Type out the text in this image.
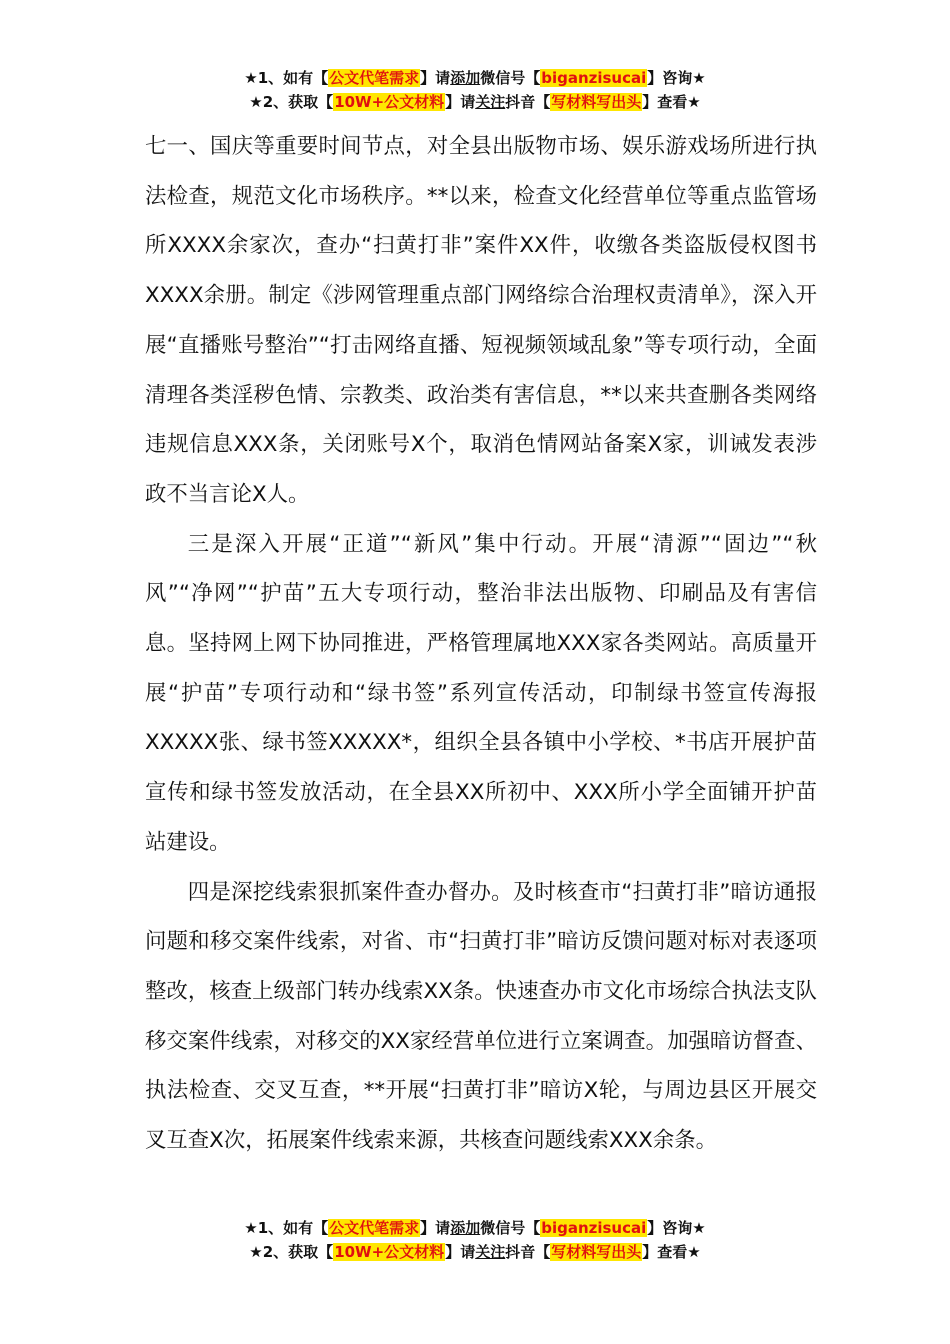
★1、如有【公文代笔需求】请添加微信号【biganzisucai】咨询★
★2、获取【10W+公文材料】请关注抖音【写材料写出头】查看★

七一、国庆等重要时间节点，对全县出版物市场、娱乐游戏场所进行执法检查，规范文化市场秩序。**以来，检查文化经营单位等重点监管场所XXXX余家次，查办“扫黄打非”案件XX件，收缴各类盗版侵权图书XXXX余册。制定《涉网管理重点部门网络综合治理权责清单》，深入开展“直播账号整治”“打击网络直播、短视频领域乱象”等专项行动，全面清理各类淫秽色情、宗教类、政治类有害信息，**以来共查删各类网络违规信息XXX条，关闭账号X个，取消色情网站备案X家，训诫发表涉政不当言论X人。

三是深入开展“正道”“新风”集中行动。开展“清源”“固边”“秋风”“净网”“护苗”五大专项行动，整治非法出版物、印刷品及有害信息。坚持网上网下协同推进，严格管理属地XXX家各类网站。高质量开展“护苗”专项行动和“绿书签”系列宣传活动，印制绿书签宣传海报XXXXX张、绿书签XXXXX*，组织全县各镇中小学校、*书店开展护苗宣传和绿书签发放活动，在全县XX所初中、XXX所小学全面铺开护苗站建设。

四是深挖线索狠抓案件查办督办。及时核查市“扫黄打非”暗访通报问题和移交案件线索，对省、市“扫黄打非”暗访反馈问题对标对表逐项整改，核查上级部门转办线索XX条。快速查办市文化市场综合执法支队移交案件线索，对移交的XX家经营单位进行立案调查。加强暗访督查、执法检查、交叉互查，**开展“扫黄打非”暗访X轮，与周边县区开展交叉互查X次，拓展案件线索来源，共核查问题线索XXX余条。

★1、如有【公文代笔需求】请添加微信号【biganzisucai】咨询★
★2、获取【10W+公文材料】请关注抖音【写材料写出头】查看★
